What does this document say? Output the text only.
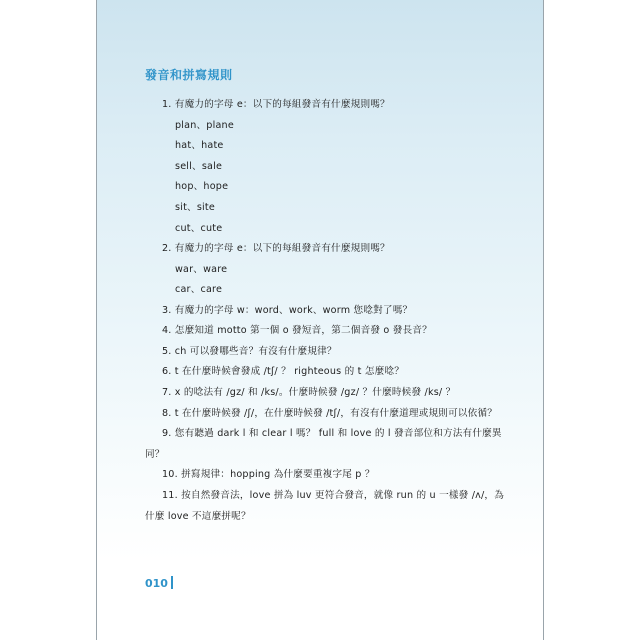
發音和拼寫規則
1. 有魔力的字母 e：以下的每組發音有什麼規則嗎？
plan、plane
hat、hate
sell、sale
hop、hope
sit、site
cut、cute
2. 有魔力的字母 e：以下的每組發音有什麼規則嗎？
war、ware
car、care
3. 有魔力的字母 w：word、work、worm 您唸對了嗎？
4. 怎麼知道 motto 第一個 o 發短音，第二個音發 o 發長音？
5. ch 可以發哪些音？有沒有什麼規律？
6. t 在什麼時候會發成 /tʃ/ ？ righteous 的 t 怎麼唸？
7. x 的唸法有 /gz/ 和 /ks/。什麼時候發 /gz/ ？什麼時候發 /ks/ ？
8. t 在什麼時候發 /ʃ/，在什麼時候發 /tʃ/，有沒有什麼道理或規則可以依循？
9. 您有聽過 dark l 和 clear l 嗎？ full 和 love 的 l 發音部位和方法有什麼異
同？
10. 拼寫規律：hopping 為什麼要重複字尾 p ？
11. 按自然發音法，love 拼為 luv 更符合發音，就像 run 的 u 一樣發 /ʌ/，為
什麼 love 不這麼拼呢？
010
